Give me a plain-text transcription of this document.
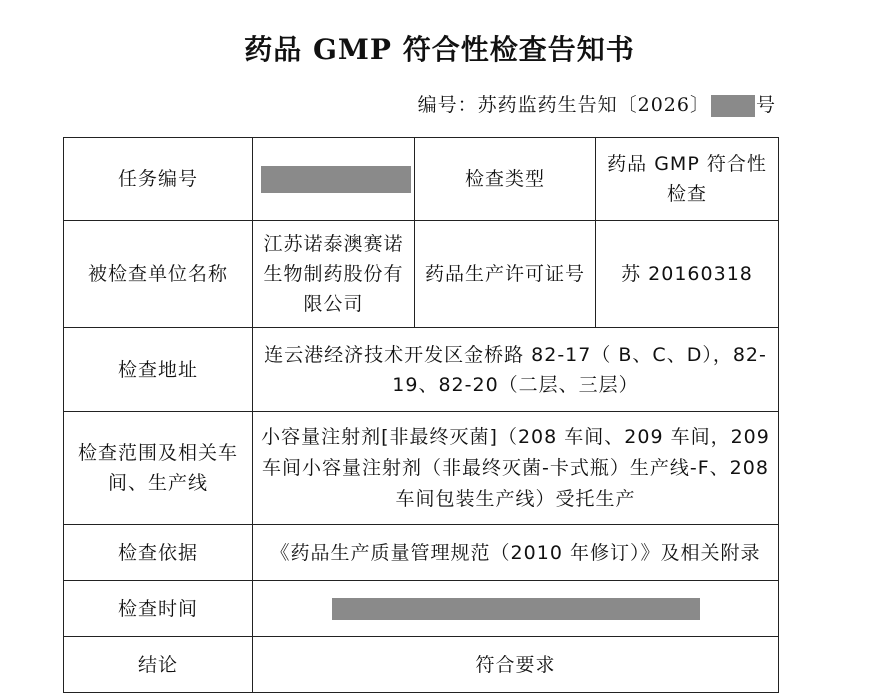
药品 GMP 符合性检查告知书
编号：苏药监药生告知〔2026〕 号
任务编号		检查类型	药品 GMP 符合性检查
被检查单位名称	江苏诺泰澳赛诺生物制药股份有限公司	药品生产许可证号	苏 20160318
检查地址	连云港经济技术开发区金桥路 82-17（ B、C、D），82-19、82-20（二层、三层）		
检查范围及相关车间、生产线	小容量注射剂[非最终灭菌]（208 车间、209 车间，209 车间小容量注射剂（非最终灭菌-卡式瓶）生产线-F、208 车间包装生产线）受托生产		
检查依据	《药品生产质量管理规范（2010 年修订）》及相关附录		
检查时间			
结论	符合要求		
